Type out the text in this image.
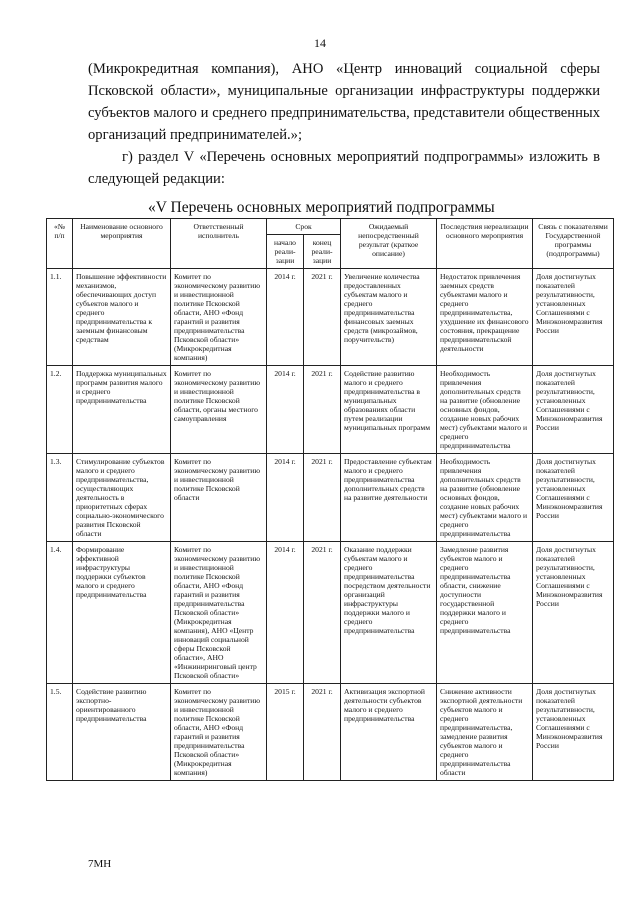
14

(Микрокредитная компания), АНО «Центр инноваций социальной сферы Псковской области», муниципальные организации инфраструктуры поддержки субъектов малого и среднего предпринимательства, представители общественных организаций предпринимателей.»;

г) раздел V «Перечень основных мероприятий подпрограммы» изложить в следующей редакции:

«V Перечень основных мероприятий подпрограммы
«№ п/п	Наименование основного мероприятия	Ответственный исполнитель	Срок		Ожидаемый непосредственный результат (краткое описание)	Последствия нереализации основного мероприятия	Связь с показателями Государственной программы (подпрограммы)
			начало реали-зации	конец реали-зации			
1.1.	Повышение эффективности механизмов, обеспечивающих доступ субъектов малого и среднего предпринимательства к заемным финансовым средствам	Комитет по экономическому развитию и инвестиционной политике Псковской области, АНО «Фонд гарантий и развития предпринимательства Псковской области» (Микрокредитная компания)	2014 г.	2021 г.	Увеличение количества предоставленных субъектам малого и среднего предпринимательства финансовых заемных средств (микрозаймов, поручительств)	Недостаток привлечения заемных средств субъектами малого и среднего предпринимательства, ухудшение их финансового состояния, прекращение предпринимательской деятельности	Доля достигнутых показателей результативности, установленных Соглашениями с Минэкономразвития России
1.2.	Поддержка муниципальных программ развития малого и среднего предпринимательства	Комитет по экономическому развитию и инвестиционной политике Псковской области, органы местного самоуправления	2014 г.	2021 г.	Содействие развитию малого и среднего предпринимательства в муниципальных образованиях области путем реализации муниципальных программ	Необходимость привлечения дополнительных средств на развитие (обновление основных фондов, создание новых рабочих мест) субъектами малого и среднего предпринимательства	Доля достигнутых показателей результативности, установленных Соглашениями с Минэкономразвития России
1.3.	Стимулирование субъектов малого и среднего предпринимательства, осуществляющих деятельность в приоритетных сферах социально-экономического развития Псковской области	Комитет по экономическому развитию и инвестиционной политике Псковской области	2014 г.	2021 г.	Предоставление субъектам малого и среднего предпринимательства дополнительных средств на развитие деятельности	Необходимость привлечения дополнительных средств на развитие (обновление основных фондов, создание новых рабочих мест) субъектами малого и среднего предпринимательства	Доля достигнутых показателей результативности, установленных Соглашениями с Минэкономразвития России
1.4.	Формирование эффективной инфраструктуры поддержки субъектов малого и среднего предпринимательства	Комитет по экономическому развитию и инвестиционной политике Псковской области, АНО «Фонд гарантий и развития предпринимательства Псковской области» (Микрокредитная компания), АНО «Центр инноваций социальной сферы Псковской области», АНО «Инжиниринговый центр Псковской области»	2014 г.	2021 г.	Оказание поддержки субъектам малого и среднего предпринимательства посредством деятельности организаций инфраструктуры поддержки малого и среднего предпринимательства	Замедление развития субъектов малого и среднего предпринимательства области, снижение доступности государственной поддержки малого и среднего предпринимательства	Доля достигнутых показателей результативности, установленных Соглашениями с Минэкономразвития России
1.5.	Содействие развитию экспортно-ориентированного предпринимательства	Комитет по экономическому развитию и инвестиционной политике Псковской области, АНО «Фонд гарантий и развития предпринимательства Псковской области» (Микрокредитная компания)	2015 г.	2021 г.	Активизация экспортной деятельности субъектов малого и среднего предпринимательства	Снижение активности экспортной деятельности субъектов малого и среднего предпринимательства, замедление развития субъектов малого и среднего предпринимательства области	Доля достигнутых показателей результативности, установленных Соглашениями с Минэкономразвития России
7МН
